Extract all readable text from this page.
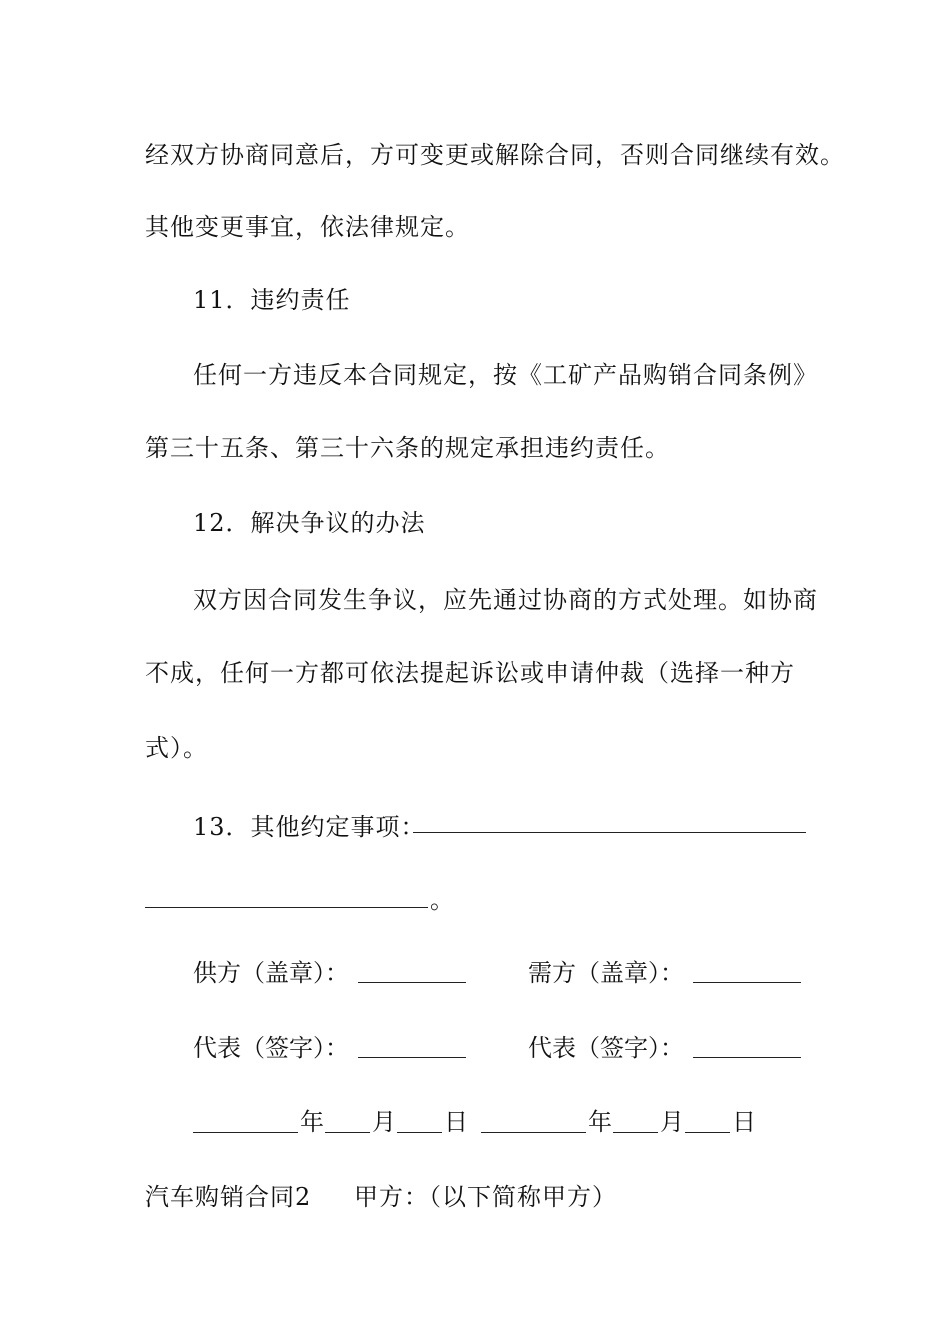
经双方协商同意后，方可变更或解除合同，否则合同继续有效。
其他变更事宜，依法律规定。
11．违约责任
任何一方违反本合同规定，按《工矿产品购销合同条例》
第三十五条、第三十六条的规定承担违约责任。
12．解决争议的办法
双方因合同发生争议，应先通过协商的方式处理。如协商
不成，任何一方都可依法提起诉讼或申请仲裁（选择一种方
式）。
13．其他约定事项：
。
供方（盖章）：	需方（盖章）：
代表（签字）：	代表（签字）：
年 月 日	年 月 日
汽车购销合同2 甲方：（以下简称甲方）
